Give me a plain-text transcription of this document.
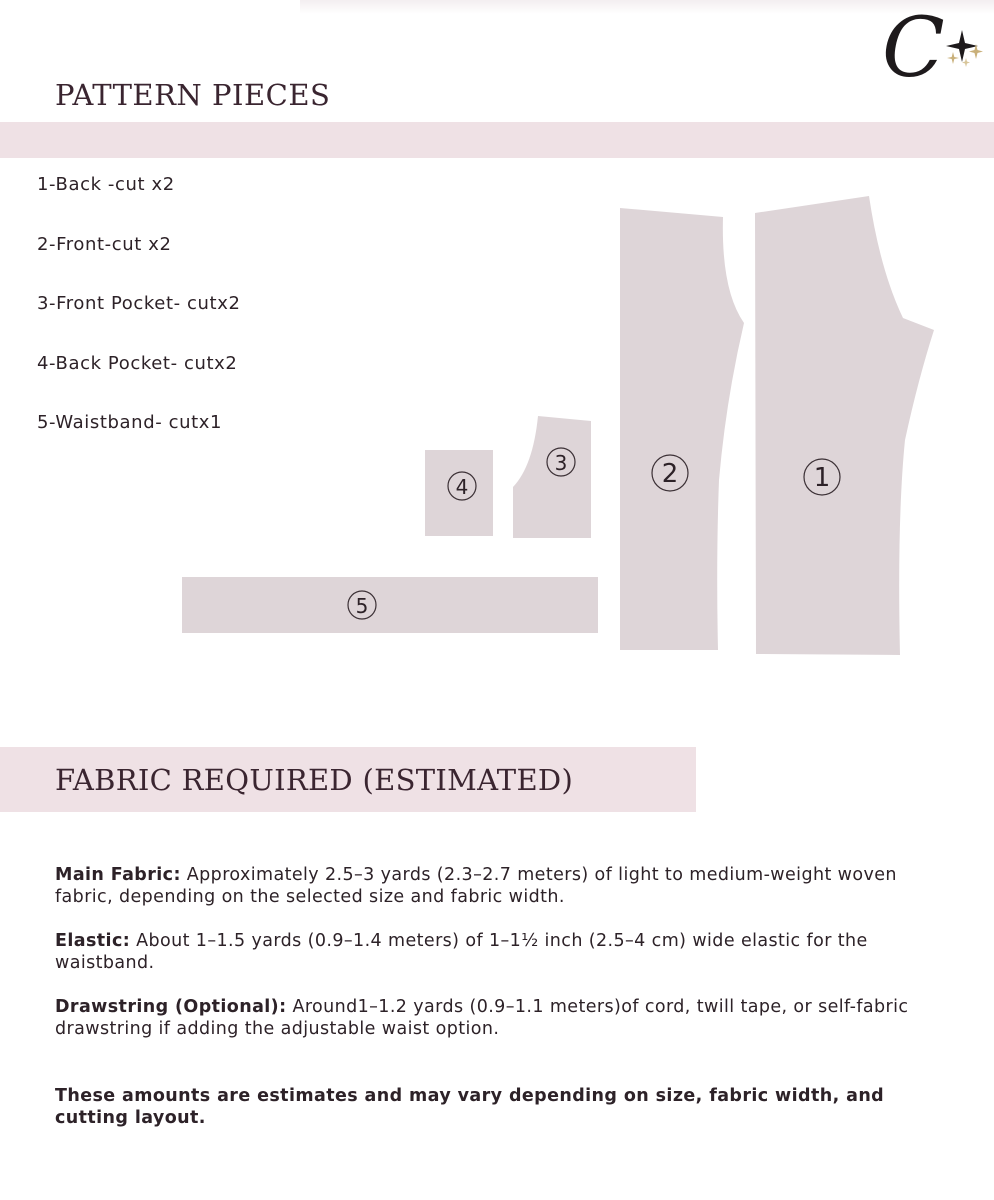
C
PATTERN PIECES
1-Back -cut x2
2-Front-cut x2
3-Front Pocket- cutx2
4-Back Pocket- cutx2
5-Waistband- cutx1
1
2
3
4
5
FABRIC REQUIRED (ESTIMATED)

Main Fabric: Approximately 2.5–3 yards (2.3–2.7 meters) of light to medium-weight woven fabric, depending on the selected size and fabric width.

Elastic: About 1–1.5 yards (0.9–1.4 meters) of 1–1½ inch (2.5–4 cm) wide elastic for the waistband.

Drawstring (Optional): Around1–1.2 yards (0.9–1.1 meters)of cord, twill tape, or self-fabric drawstring if adding the adjustable waist option.

These amounts are estimates and may vary depending on size, fabric width, and cutting layout.
